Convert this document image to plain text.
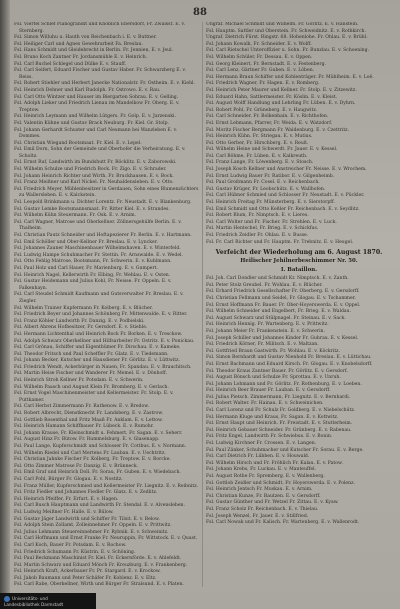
88

Fsl. Viertel Schlef Pianograndit und Knoblich Ebersdorf, Fr. Zwaisst. E. v. Sternberg.

Fsl. Simon Willuhu u. Hauth von Reichenbach i. E. v. Buttner.

Fsl. Heiliger Carl und Agnes Gewehrarbeit Fa. Breslau.

Fsl. Hans Schmidt und Gleidebrecht in Berlin. Fr. Jennien, E. v. Jeul.

Fsl. Bruno Koch Zantner Fr. Jordansmühle E. v. Heinrich.

Fsl. Carl Buchel Schlegel und Dülke E. v. Stauff.

Fsl. Carl Seifert, Eduard Fischer und Gustav Haber. Fr. Schwarzberg E. v. Reiss.

Fsl. Robert Stiehler und Herbert Janecke Nationalstr. Fr. Ostheim. E. v. Kiehl.

Fsl. Heinrich Dehner und Karl Rudolph. Fr. Ostrowo. E. v. Rau.

Fsl. Carl Otto Wintzer und Hauser im Biergarten Sohrau. E. v. Gelling.

Fsl. Adolph Lieker und Friedrich Lienau im Mandelkow Fr. Oberg. E. v. Treptow.

Fsl. Heinrich Leymann und Wilhelm Lütgers. Fr. Golp. E. v. Jarzenski.

Fsl. Valentin Kühne und Gustav Brack Neuburg. Fr. Kiel. Gr. Stolp.

Fsl. Johann Gerhardt Schuster und Carl Neumann bei Wanzleben E. v. Dommes.

Fsl. Christian Wiegand Bootsmaat. Fr. Kiel. E. v. Lepel.

Fsl. Emil Dorn, Sohn der Gemeinde und Oberhofer die Verheiratung. E. v. Scholtz.

Fsl. Ernst Ruf, Landwirth im Bundshutt Fr. Röcklitz. E. v. Zaborowski.

Fsl. Wilhelm Schulze und Friedrich Bock. Fr. Zigo. E. v. Schrader.

Fsl. Johann Heinrich Richter und Wirth. Fr. Bruckhausen. E. v. Bock.

Fsl. Franz Meißner und Karl Nickel. Fr. Neuhaldensleben. E. v. Otto.

Fsl. Friedrich Meyer, Mühlenbesitzer in Gerdauen, Sohn eines Blumenzüchters zu Wallersleben. E. v. Kalckstein.

Fsl. Leopold Brinkmann u. Dichter Lorentz. Fr. Neustadt. E. v. Blankenburg.

Fsl. Gustav Lemke Bootsmannsmaat. Fr. Ritter Kiel. E. v. Strandes.

Fsl. Wilhelm Kühn Steuermann. Fr. Osk. E. v. Arnim.

Fsl. Carl Wagner, Matrose und Oberkellner. Zöllnersgehülfe Berlin. E. v. Thalheim.

Fsl. Christian Pautz Schneider und Hoftapezierer Fr. Berlin. E. v. Hartmann.

Fsl. Emil Schöller und Ober-Kellner Fr. Breslau. E. v. Lyncker.

Fsl. Johannes Zauner Maschinenbauer Wilhelmshaven. E. v. Winterfeld.

Fsl. Ludwig Hampe Schuhmacher Fr. Stettin. Fr. Arnswalde. E. v. Wedel.

Fsl. Otto Fehlig Matrose, Bootsmann, Fr. Schwerin. E. v. Kuhlmann.

Fsl. Paul Holz und Carl Hauer, Fr. Marienburg. E. v. Gumpert.

Fsl. Heinrich Nagel, Kellerwirth Fr. Elbing, Fr. Wehlau. E. v. Osten.

Fsl. Gustav Heidemann und Julius Kohl, Fr. Neisse. Fr. Oppeln. E. v. Falkenhayn.

Fsl. Carl Steudel Schmidt Kaufmann und Gutsverwalter Fr. Breslau. E. v. Ziegler.

Fsl. Wilhelm Trainer Kupfermann Fr. Kolberg. E. v. Blücher.

Fsl. Friedrich Beyer und Johannes Schönberg Fr. Mittenwalde. E. v. Ritter.

Fsl. Franz Köhler Landwirth Fr. Danzig. E. v. Podbielski.

Fsl. Albert Ahrens Hofbesitzer, Fr. Gersdorf. E. v. Stiehle.

Fsl. Hermann Lichtenthal und Heinrich Bock Fr. Borken. E. v. Tresckow.

Fsl. Adolph Schwarz Oberkellner und Hilfsarbeiter Fr. Ostritz. E. v. Ponickau.

Fsl. Carl Grönau, Schiffer und Eigenthümer Fr. Dirschau. E. v. Kameke.

Fsl. Theodor Fritsch und Paul Scheffler Fr. Glatz. E. v. Tiedemann.

Fsl. Johann Becker, Kutscher und Hausdiener Fr. Görlitz. E. v. Lüttwitz.

Fsl. Friedrich Wendt, Ackerbürger in Nauen, Fr. Spandau. E. v. Brauchitsch.

Fsl. Martin Heise Fischer und Wanderer Fr. Memel. E. v. Dönhoff.

Fsl. Heinrich Stroh Kellner Fr. Potsdam. E. v. Schwerin.

Fsl. Wilhelm Paasch und August Klein Fr. Bromberg. E. v. Gerlach.

Fsl. Ernst Vogel Maschinenmeister und Kellermeister. Fr. Stolp. E. v. Puttkamer.

Fsl. Carl Herbst Zimmermann Fr. Rathenow. E. v. Bredow.

Fsl. Robert Albrecht, Dienstknecht Fr. Landsberg. E. v. Zastrow.

Fsl. Gottlieb Rosenthal und Fritz Maaß Fr. Anklam. E. v. Lettow.

Fsl. Heinrich Hamann Schiffbauer Fr. Lübeck. E. v. Rumohr.

Fsl. Johann Krause, Fr. Kleinschmidt u. Fehmert. Fr. Sagan. E. v. Seherr.

Fsl. August Hinz Fr. Bütow. Fr. Rummelsburg. E. v. Glasenapp.

Fsl. Paul Lange, Kupferschmidt und Schlosser Fr. Cottbus. E. v. Normann.

Fsl. Wilhelm Riedel und Carl Mertens Fr. Lauban. E. v. Uechtritz.

Fsl. Christian Jahnke Fischer Fr. Kolberg, Fr. Treptow. E. v. Borcke.

Fsl. Otto Zimmer Matrose Fr. Danzig. E. v. Brünneck.

Fsl. Emil Graf und Heinrich Doll. Fr. Sorau, Fr. Guben. E. v. Wiedebach.

Fsl. Carl Pohl, Bürger Fr. Glogau. E. v. Nostitz.

Fsl. Franz Müller, Kupferschmied und Kellermeister Fr. Liegnitz. E. v. Reibnitz.

Fsl. Fritz Fiedler und Johannes Fiedler Fr. Glatz. E. v. Zedlitz.

Fsl. Heinrich Pfeiffer, Fr. Erfurt. E. v. Hagen.

Fsl. Carl Busch Hauptmann und Landwirth Fr. Stendal. E. v. Alvensleben.

Fsl. Ludwig Meißner Fr. Halle. E. v. Bülow.

Fsl. Gustav Jäger Landwirth und Schiffer Fr. Tilsit. E. v. Below.

Fsl. Adolph Stein Zollamt, Zolleinnehmer Fr. Oppeln. E. v. Prittwitz.

Fsl. Julius Lehmann Steuereinnehmer Fr. Rybnik. E. v. Schweinitz.

Fsl. Carl Hoffmann und Ernst Franke Fr. Neuruppin, Fr. Wittstock. E. v. Quast.

Fsl. Carl Koch, Bauer Fr. Potsdam. E. v. Rochow.

Fsl. Friedrich Schumann Fr. Küstrin. E. v. Schöning.

Fsl. Paul Beckmann Maschinist Fr. Kiel. Fr. Eckernförde. E. v. Ahlefeldt.

Fsl. Martin Schwarz und Eduard Mönch Fr. Kreuzburg. E. v. Frankenberg.

Fsl. Heinrich Kraft, Ackerbauer Fr. Pr. Stargard. E. v. Krockow.

Fsl. Jakob Baumann und Peter Schäfer Fr. Koblenz. E. v. Eltz.

Fsl. Carl Rabe, Oberkellner, Wirth und Bürger Fr. Stralsund. E. v. Platen.

Ungraf. Michael Schmidt und Wilhelm. Fr. Görlitz. E. v. Hanstein.

Fsl. Hauptm. Sattler und Oberstein. Fr. Schweidnitz. E. v. Rothkirch.

Ungraf. Dietrich Fürst. Ringstr. 68. Hohenlohe. Fr. Ohlau. E. v. Brühl.

Fsl. Johann Kowalk, Fr. Schneider. E. v. Wolff.

Fsl. Carl Rietschel Unteroffizier u. Sohn. Fr. Bunzlau. E. v. Schoening.

Fsl. Wilhelm Schüler, Fr. Dessau. E. v. Oppen.

Fsl. Georg Kleinert, Fr. Bernstadt. E. v. Festenberg.

Fsl. Carl Lenz, Gärtner Fr. Guben. E. v. Löben.

Fsl. Hermann Braun Schiffer und Kohlenträger. Fr. Mühlheim. E. v. Loë.

Fsl. Friedrich Wagner, Fr. Hagen. E. v. Romberg.

Fsl. Heinrich Peter Maurer und Kellner. Fr. Stolp. E. v. Zitzewitz.

Fsl. Eduard Hahn, Sattlermeister. Fr. Köslin. E. v. Kleist.

Fsl. August Wolff Handlung und Lehrling Fr. Lüben. E. v. Dyhrn.

Fsl. Robert Pohl, Fr. Grüneberg. E. v. Haugwitz.

Fsl. Carl Schneider. Fr. Bolkenhain. E. v. Richthofen.

Fsl. Ernst Lehmann, Pfarrer, Fr. Weida. E. v. Watzdorf.

Fsl. Moritz Fischer Bergmann Fr. Waldenburg. E. v. Czettritz.

Fsl. Heinrich Kühn. Fr. Striegau. E. v. Mutius.

Fsl. Otto Gerber, Fr. Hirschberg. E. v. Reuß.

Fsl. Wilhelm Heine und Schwerdt. Fr. Jauer. E. v. Kessel.

Fsl. Carl Böhme, Fr. Lüben. E. v. Kalkreuth.

Fsl. Franz Lange, Fr. Löwenberg. E. v. Stosch.

Fsl. Joseph Kosch Kellner und Anstreicher Fr. Neisse. E. v. Wrochem.

Fsl. Ernst Ludwig Bauer Fr. Ratibor. E. v. Gilgenheimb.

Fsl. Paul Großmann Fr. Cosel. E. v. Reichenbach.

Fsl. Gustav Krüger, Fr. Leobschütz. E. v. Wallhofen.

Fsl. Carl Hübner Schmied und Schlosser Fr. Neustadt. E. v. Pückler.

Fsl. Heinrich Freitag Fr. Münsterberg. E. v. Sierstorpff.

Fsl. Emil Schmidt und Otto Keßler Fr. Reichenbach. E. v. Seydlitz.

Fsl. Robert Blum, Fr. Nimptsch. E. v. Lieres.

Fsl. Carl Wolter und Fr. Fischer. Fr. Strehlen. E. v. Luck.

Fsl. Martin Hentschel, Fr. Brieg. E. v. Schickfus.

Fsl. Friedrich Zeidler Fr. Ohlau. E. v. Busse.

Fsl. Fr. Carl Richter und Fr. Hauptm. Fr. Trebnitz. E. v. Heugel.

Verfeicht der Wiederholung am 6. August 1870.
Heilischer Jehilnerbeschimmer Nr. 50.
I. Bataillon.

Fsl. Joh. Carl Dondler und Schmidt Kr. Nimptsch. E. v. Zanth.

Fsl. Peter Stolz Greubel. Fr. Wohlau. E. v. Blücher.

Fsl. Erhard Friedrich Gesellschafter Fr. Oberberg. E. v. Gersdorff.

Fsl. Christian Fellmann und Seidel, Fr. Glogau. E. v. Tschammer.

Fsl. Ernst Hoffmann Fr. Bauer. Fr. Ober-Hoyerswerda. E. v. Oppel.

Fsl. Wilhelm Schneider und Engelbert, Fr. Brieg. E. v. Waldau.

Fsl. August Schwarz und Stülpnagel. Fr. Steinau. E. v. Sack.

Fsl. Heinrich Hennig. Fr. Wartenberg. E. v. Prittwitz.

Fsl. Johann Meier Fr. Frankenstein. E. v. Schwerin.

Fsl. Joseph Schiller und Johannes Kinder Fr. Guhrau. E. v. Kessel.

Fsl. Friedrich Körner, Fr. Militsch. E. v. Maltzan.

Fsl. Gottfried Braun Gastwirth. Fr. Wohlau. E. v. Köckritz.

Fsl. Simon Bernhardt und Gustav Nienhold Fr. Breslau. E. v. Lüttichau.

Fsl. Ernst Bachmann und Eduard Kirsch. Fr. Glogau. E. v. Knobelsdorff.

Fsl. Theodor Kraus Zantner Bauer. Fr. Görlitz. E. v. Gersdorf.

Fsl. August Bönsch und Schulze Fr. Sprottau. E. v. Unruh.

Fsl. Johann Lohmann und Fr. Görlitz. Fr. Rothenburg. E. v. Loeben.

Fsl. Heinrich Beer Brauer Fr. Lauban. E. v. Gersdorff.

Fsl. Julius Pietsch. Zimmermann, Fr. Liegnitz. E. v. Bernhardi.

Fsl. Robert Walter. Fr. Hainau. E. v. Schweinichen.

Fsl. Carl Lorenz und Fr. Schulz Fr. Goldberg. E. v. Niebelschütz.

Fsl. Hermann Kluge und Kraus, Fr. Sagan. E. v. Kottwitz.

Fsl. Ernst Haupt und Heinrich. Fr. Freistadt. E. v. Stutterheim.

Fsl. Heinrich Gebauer Schneider. Fr. Grünberg. E. v. Rabenau.

Fsl. Fritz Engel, Landwirth Fr. Schwiebus. E. v. Bonin.

Fsl. Ludwig Kirchner Fr. Crossen. E. v. Langen.

Fsl. Paul Zänker, Schuhmacher und Kutscher Fr. Sorau. E. v. Berge.

Fsl. Carl Dietrich Fr. Lübben. E. v. Houwald.

Fsl. Wilhelm Hirsch und Fr. Fröhlich Fr. Kalau. E. v. Patow.

Fsl. Johann Krebs, Fr. Luckau. E. v. Manteuffel.

Fsl. August Rothe Fr. Spremberg. E. v. Wallenberg.

Fsl. Gottlob Zeidler und Schmidt. Fr. Hoyerswerda. E. v. Polenz.

Fsl. Heinrich Jentsch Fr. Muskau. E. v. Arnim.

Fsl. Christian Kunze, Fr. Bautzen. E. v. Gersdorff.

Fsl. Gustav Günther und Fr. Wetzel Fr. Zittau. E. v. Kyaw.

Fsl. Franz Scholz Fr. Reichenbach. E. v. Thielau.

Fsl. Joseph Wenzel, Fr. Jauer. E. v. Stillfried.

Fsl. Carl Nowak und Fr. Kalisch. Fr. Wartenberg. E. v. Wallenrodt.

Universitäts- und
Landesbibliothek Darmstadt
